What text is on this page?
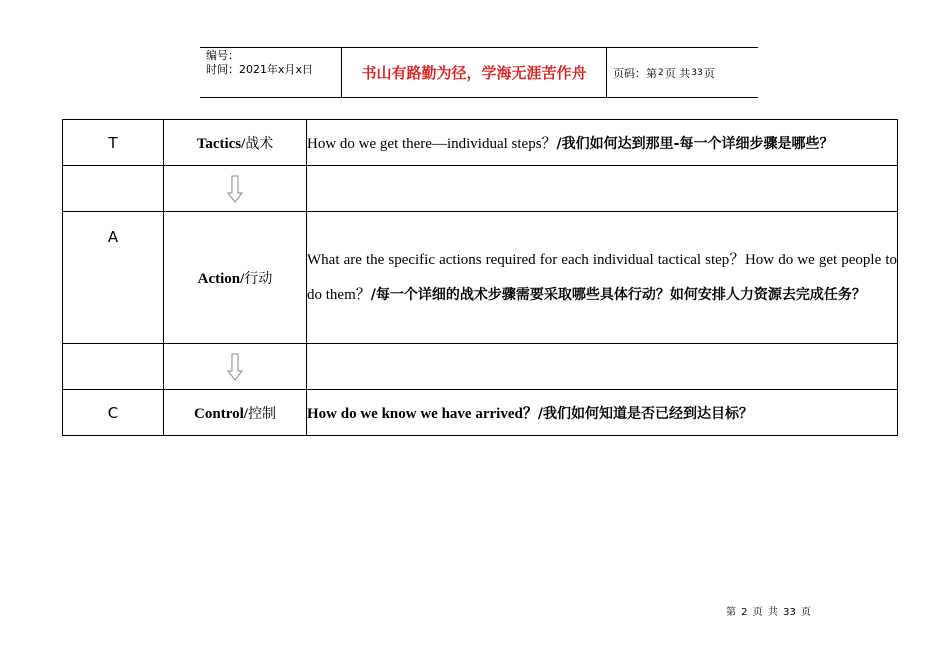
编号：
时间：2021年x月x日	书山有路勤为径，学海无涯苦作舟	页码：第 2 页 共 33 页
T	Tactics/战术	How do we get there—individual steps？/我们如何达到那里-每一个详细步骤是哪些？

A	Action/行动	What are the specific actions required for each individual tactical step？How do we get people to do them？/每一个详细的战术步骤需要采取哪些具体行动？如何安排人力资源去完成任务？

C	Control/控制	How do we know we have arrived？/我们如何知道是否已经到达目标？
第 2 页 共 33 页
